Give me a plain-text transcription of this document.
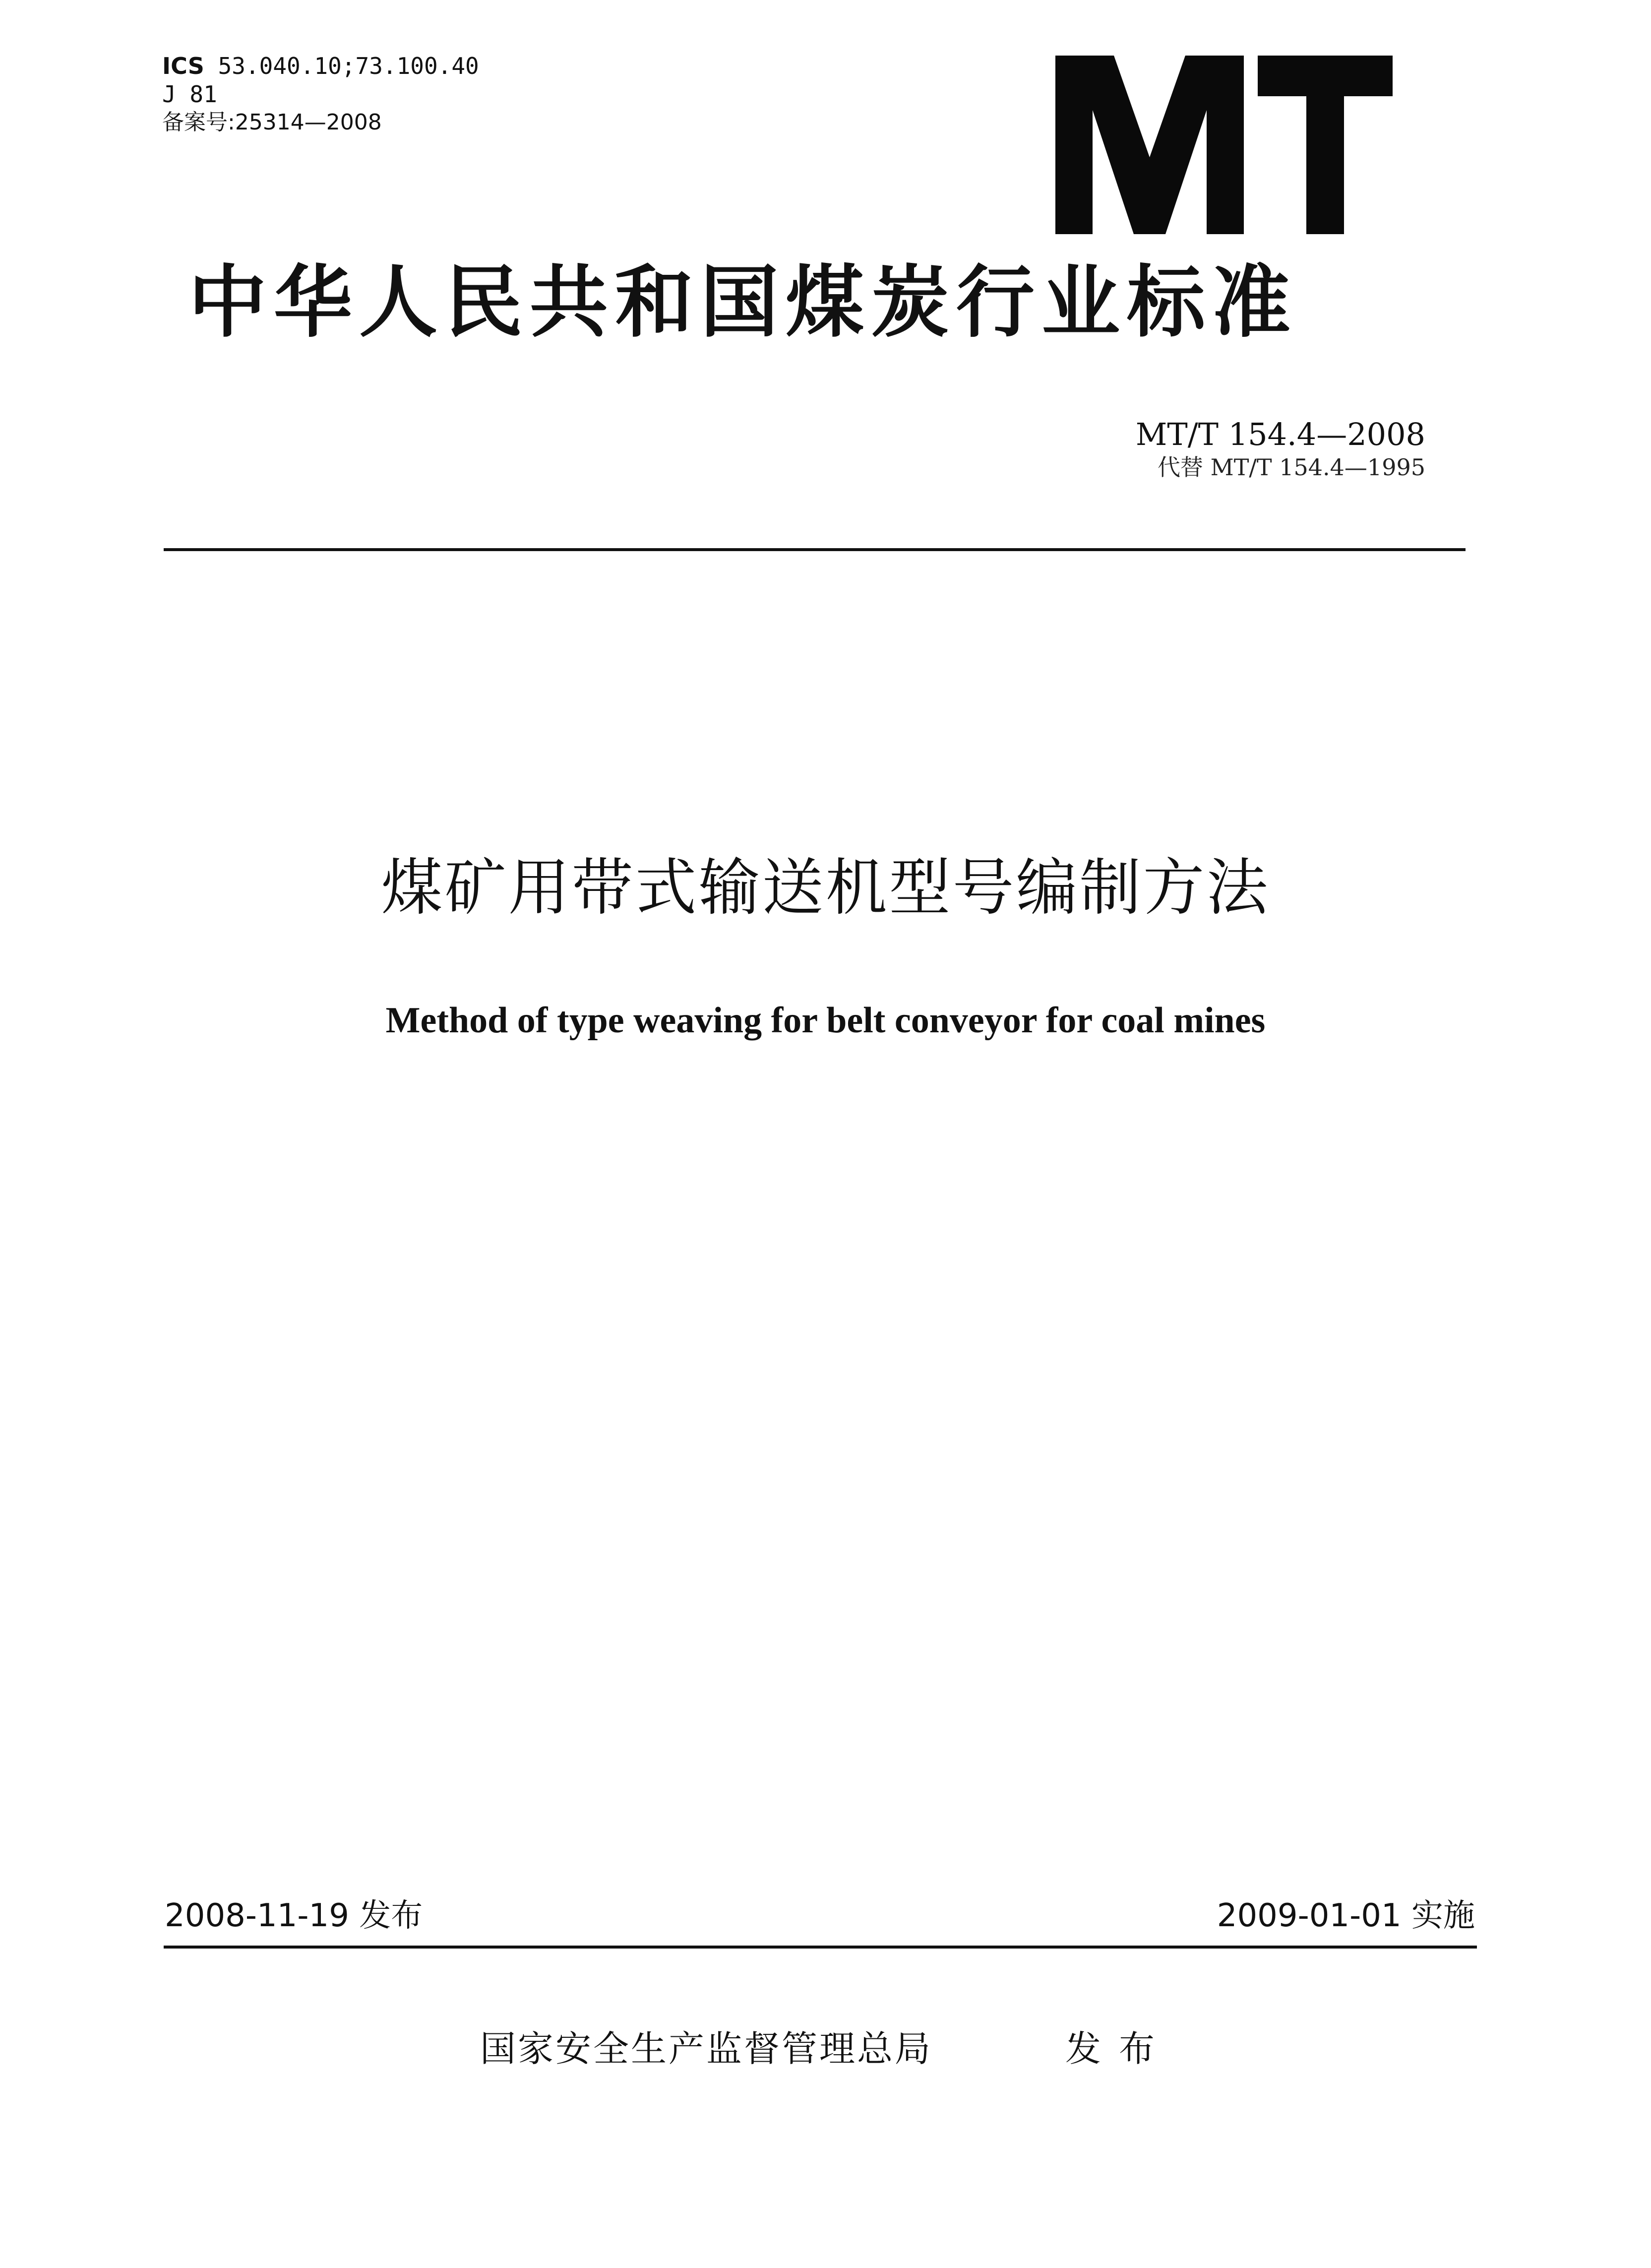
ICS 53.040.10;73.100.40
J 81
备案号:25314—2008
中华人民共和国煤炭行业标准
MT/T 154.4—2008
代替 MT/T 154.4—1995
煤矿用带式输送机型号编制方法
Method of type weaving for belt conveyor for coal mines
2008-11-19 发布	2009-01-01 实施
国家安全生产监督管理总局	发布
